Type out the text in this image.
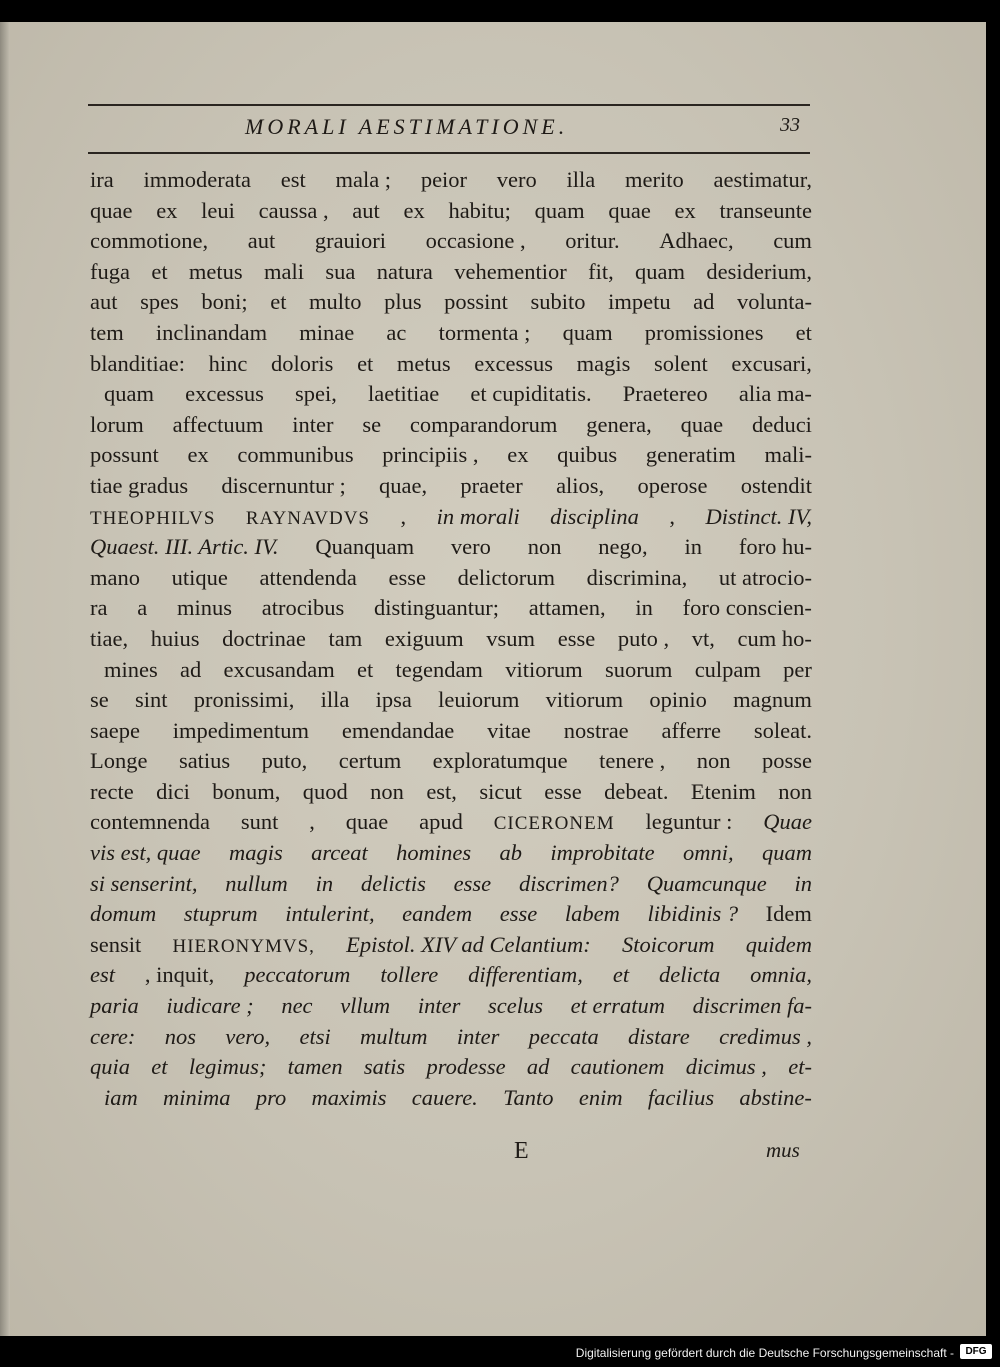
MORALI AESTIMATIONE.	33
ira immoderata est mala ; peior vero illa merito aestimatur,
quae ex leui caussa , aut ex habitu; quam quae ex transeunte
commotione, aut grauiori occasione , oritur. Adhaec, cum
fuga et metus mali sua natura vehementior fit, quam desiderium,
aut spes boni; et multo plus possint subito impetu ad volunta-
tem inclinandam minae ac tormenta ; quam promissiones et
blanditiae: hinc doloris et metus excessus magis solent excusari,
quam excessus spei, laetitiae et cupiditatis. Praetereo alia ma-
lorum affectuum inter se comparandorum genera, quae deduci
possunt ex communibus principiis , ex quibus generatim mali-
tiae gradus discernuntur ; quae, praeter alios, operose ostendit
THEOPHILVS RAYNAVDVS , in morali disciplina , Distinct. IV,
Quaest. III. Artic. IV. Quanquam vero non nego, in foro hu-
mano utique attendenda esse delictorum discrimina, ut atrocio-
ra a minus atrocibus distinguantur; attamen, in foro conscien-
tiae, huius doctrinae tam exiguum vsum esse puto , vt, cum ho-
mines ad excusandam et tegendam vitiorum suorum culpam per
se sint pronissimi, illa ipsa leuiorum vitiorum opinio magnum
saepe impedimentum emendandae vitae nostrae afferre soleat.
Longe satius puto, certum exploratumque tenere , non posse
recte dici bonum, quod non est, sicut esse debeat. Etenim non
contemnenda sunt , quae apud CICERONEM leguntur : Quae
vis est, quae magis arceat homines ab improbitate omni, quam
si senserint, nullum in delictis esse discrimen? Quamcunque in
domum stuprum intulerint, eandem esse labem libidinis ? Idem
sensit HIERONYMVS, Epistol. XIV ad Celantium: Stoicorum quidem
est , inquit, peccatorum tollere differentiam, et delicta omnia,
paria iudicare ; nec vllum inter scelus et erratum discrimen fa-
cere: nos vero, etsi multum inter peccata distare credimus ,
quia et legimus; tamen satis prodesse ad cautionem dicimus , et-
iam minima pro maximis cauere. Tanto enim facilius abstine-
E	mus
Digitalisierung gefördert durch die Deutsche Forschungsgemeinschaft -	DFG
